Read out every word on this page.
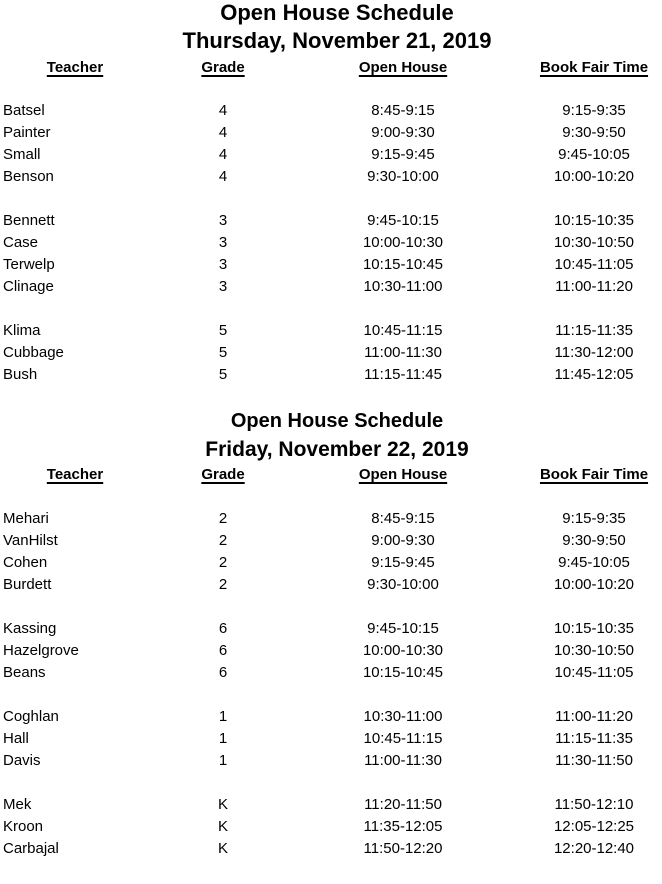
Open House Schedule
Thursday, November 21, 2019
Teacher	Grade	Open House	Book Fair Time
Batsel	4	8:45-9:15	9:15-9:35
Painter	4	9:00-9:30	9:30-9:50
Small	4	9:15-9:45	9:45-10:05
Benson	4	9:30-10:00	10:00-10:20
Bennett	3	9:45-10:15	10:15-10:35
Case	3	10:00-10:30	10:30-10:50
Terwelp	3	10:15-10:45	10:45-11:05
Clinage	3	10:30-11:00	11:00-11:20
Klima	5	10:45-11:15	11:15-11:35
Cubbage	5	11:00-11:30	11:30-12:00
Bush	5	11:15-11:45	11:45-12:05
Open House Schedule
Friday, November 22, 2019
Teacher	Grade	Open House	Book Fair Time
Mehari	2	8:45-9:15	9:15-9:35
VanHilst	2	9:00-9:30	9:30-9:50
Cohen	2	9:15-9:45	9:45-10:05
Burdett	2	9:30-10:00	10:00-10:20
Kassing	6	9:45-10:15	10:15-10:35
Hazelgrove	6	10:00-10:30	10:30-10:50
Beans	6	10:15-10:45	10:45-11:05
Coghlan	1	10:30-11:00	11:00-11:20
Hall	1	10:45-11:15	11:15-11:35
Davis	1	11:00-11:30	11:30-11:50
Mek	K	11:20-11:50	11:50-12:10
Kroon	K	11:35-12:05	12:05-12:25
Carbajal	K	11:50-12:20	12:20-12:40
